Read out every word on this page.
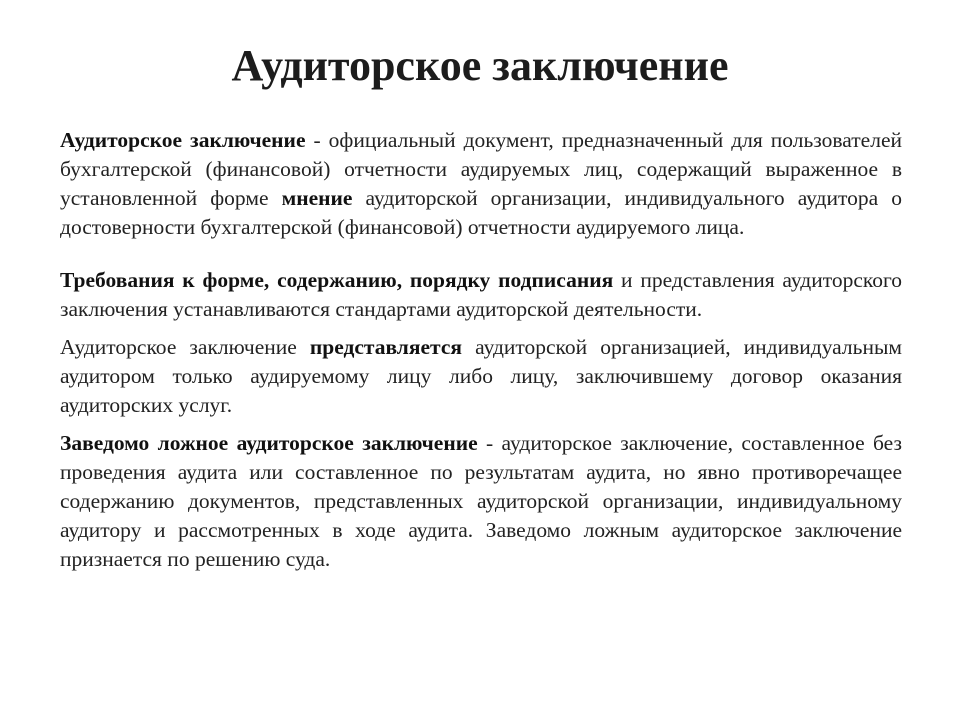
Аудиторское заключение

Аудиторское заключение - официальный документ, предназначенный для пользователей бухгалтерской (финансовой) отчетности аудируемых лиц, содержащий выраженное в установленной форме мнение аудиторской организации, индивидуального аудитора о достоверности бухгалтерской (финансовой) отчетности аудируемого лица.

Требования к форме, содержанию, порядку подписания и представления аудиторского заключения устанавливаются стандартами аудиторской деятельности.

Аудиторское заключение представляется аудиторской организацией, индивидуальным аудитором только аудируемому лицу либо лицу, заключившему договор оказания аудиторских услуг.

Заведомо ложное аудиторское заключение - аудиторское заключение, составленное без проведения аудита или составленное по результатам аудита, но явно противоречащее содержанию документов, представленных аудиторской организации, индивидуальному аудитору и рассмотренных в ходе аудита. Заведомо ложным аудиторское заключение признается по решению суда.
